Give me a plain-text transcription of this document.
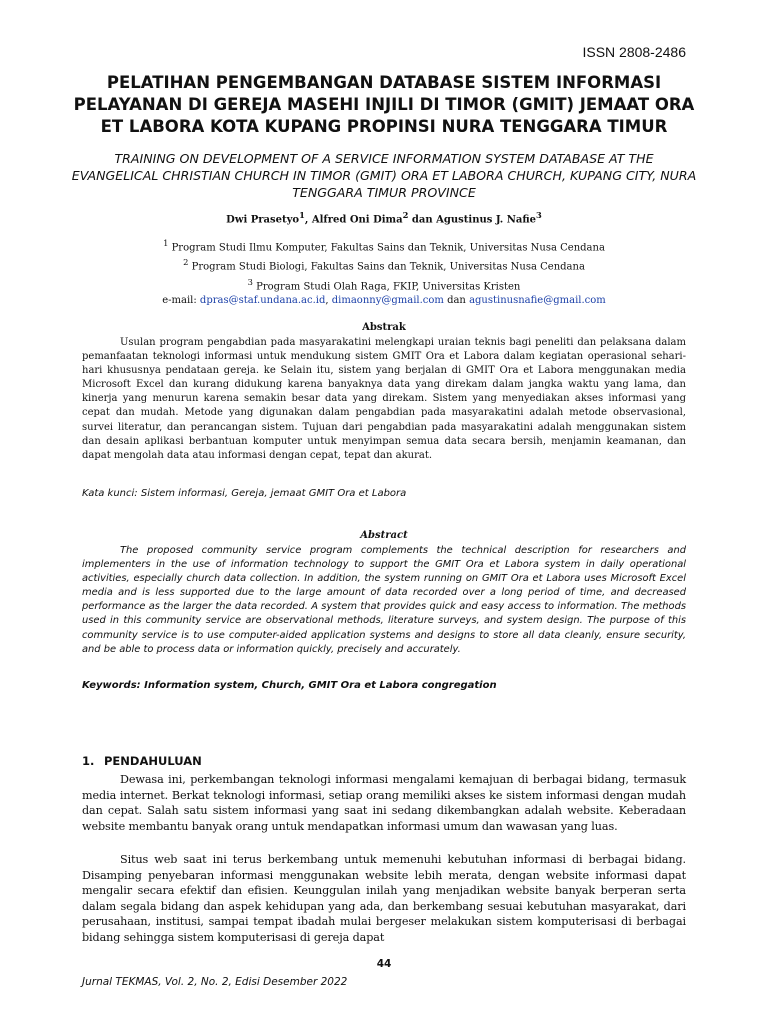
ISSN 2808-2486
PELATIHAN PENGEMBANGAN DATABASE SISTEM INFORMASI PELAYANAN DI GEREJA MASEHI INJILI DI TIMOR (GMIT) JEMAAT ORA ET LABORA KOTA KUPANG PROPINSI NURA TENGGARA TIMUR

TRAINING ON DEVELOPMENT OF A SERVICE INFORMATION SYSTEM DATABASE AT THE EVANGELICAL CHRISTIAN CHURCH IN TIMOR (GMIT) ORA ET LABORA CHURCH, KUPANG CITY, NURA TENGGARA TIMUR PROVINCE

Dwi Prasetyo$^1$, Alfred Oni Dima$^2$ dan Agustinus J. Nafie$^3$
$^1$ Program Studi Ilmu Komputer, Fakultas Sains dan Teknik, Universitas Nusa Cendana
$^2$ Program Studi Biologi, Fakultas Sains dan Teknik, Universitas Nusa Cendana
$^3$ Program Studi Olah Raga, FKIP, Universitas Kristen
e-mail: dpras@staf.undana.ac.id, dimaonny@gmail.com dan agustinusnafie@gmail.com
Abstrak

Usulan program pengabdian pada masyarakatini melengkapi uraian teknis bagi peneliti dan pelaksana dalam pemanfaatan teknologi informasi untuk mendukung sistem GMIT Ora et Labora dalam kegiatan operasional sehari-hari khususnya pendataan gereja. ke Selain itu, sistem yang berjalan di GMIT Ora et Labora menggunakan media Microsoft Excel dan kurang didukung karena banyaknya data yang direkam dalam jangka waktu yang lama, dan kinerja yang menurun karena semakin besar data yang direkam. Sistem yang menyediakan akses informasi yang cepat dan mudah. Metode yang digunakan dalam pengabdian pada masyarakatini adalah metode observasional, survei literatur, dan perancangan sistem. Tujuan dari pengabdian pada masyarakatini adalah menggunakan sistem dan desain aplikasi berbantuan komputer untuk menyimpan semua data secara bersih, menjamin keamanan, dan dapat mengolah data atau informasi dengan cepat, tepat dan akurat.

Kata kunci: Sistem informasi, Gereja, jemaat GMIT Ora et Labora
Abstract

The proposed community service program complements the technical description for researchers and implementers in the use of information technology to support the GMIT Ora et Labora system in daily operational activities, especially church data collection. In addition, the system running on GMIT Ora et Labora uses Microsoft Excel media and is less supported due to the large amount of data recorded over a long period of time, and decreased performance as the larger the data recorded. A system that provides quick and easy access to information. The methods used in this community service are observational methods, literature surveys, and system design. The purpose of this community service is to use computer-aided application systems and designs to store all data cleanly, ensure security, and be able to process data or information quickly, precisely and accurately.

Keywords: Information system, Church, GMIT Ora et Labora congregation
1. PENDAHULUAN

Dewasa ini, perkembangan teknologi informasi mengalami kemajuan di berbagai bidang, termasuk media internet. Berkat teknologi informasi, setiap orang memiliki akses ke sistem informasi dengan mudah dan cepat. Salah satu sistem informasi yang saat ini sedang dikembangkan adalah website. Keberadaan website membantu banyak orang untuk mendapatkan informasi umum dan wawasan yang luas.

Situs web saat ini terus berkembang untuk memenuhi kebutuhan informasi di berbagai bidang. Disamping penyebaran informasi menggunakan website lebih merata, dengan website informasi dapat mengalir secara efektif dan efisien. Keunggulan inilah yang menjadikan website banyak berperan serta dalam segala bidang dan aspek kehidupan yang ada, dan berkembang sesuai kebutuhan masyarakat, dari perusahaan, institusi, sampai tempat ibadah mulai bergeser melakukan sistem komputerisasi di berbagai bidang sehingga sistem komputerisasi di gereja dapat

44
Jurnal TEKMAS, Vol. 2, No. 2, Edisi Desember 2022
